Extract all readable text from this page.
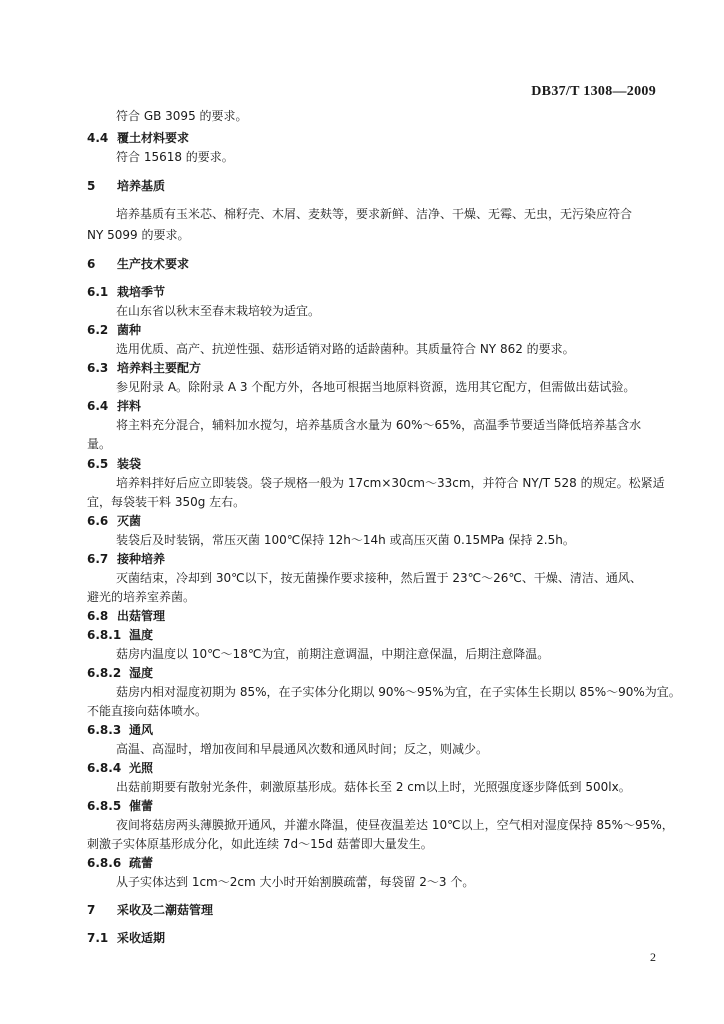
DB37/T 1308—2009
符合 GB 3095 的要求。
4.4 覆土材料要求
符合 15618 的要求。
5 培养基质
培养基质有玉米芯、棉籽壳、木屑、麦麸等，要求新鲜、洁净、干燥、无霉、无虫，无污染应符合
NY 5099 的要求。
6 生产技术要求
6.1 栽培季节
在山东省以秋末至春末栽培较为适宜。
6.2 菌种
选用优质、高产、抗逆性强、菇形适销对路的适龄菌种。其质量符合 NY 862 的要求。
6.3 培养料主要配方
参见附录 A。除附录 A 3 个配方外，各地可根据当地原料资源，选用其它配方，但需做出菇试验。
6.4 拌料
将主料充分混合，辅料加水搅匀，培养基质含水量为 60%～65%，高温季节要适当降低培养基含水
量。
6.5 装袋
培养料拌好后应立即装袋。袋子规格一般为 17cm×30cm～33cm，并符合 NY/T 528 的规定。松紧适
宜，每袋装干料 350g 左右。
6.6 灭菌
装袋后及时装锅，常压灭菌 100℃保持 12h～14h 或高压灭菌 0.15MPa 保持 2.5h。
6.7 接种培养
灭菌结束，冷却到 30℃以下，按无菌操作要求接种，然后置于 23℃～26℃、干燥、清洁、通风、
避光的培养室养菌。
6.8 出菇管理
6.8.1 温度
菇房内温度以 10℃～18℃为宜，前期注意调温，中期注意保温，后期注意降温。
6.8.2 湿度
菇房内相对湿度初期为 85%，在子实体分化期以 90%～95%为宜，在子实体生长期以 85%～90%为宜。
不能直接向菇体喷水。
6.8.3 通风
高温、高湿时，增加夜间和早晨通风次数和通风时间；反之，则减少。
6.8.4 光照
出菇前期要有散射光条件，刺激原基形成。菇体长至 2 cm以上时，光照强度逐步降低到 500lx。
6.8.5 催蕾
夜间将菇房两头薄膜掀开通风，并灌水降温，使昼夜温差达 10℃以上，空气相对湿度保持 85%～95%，
刺激子实体原基形成分化，如此连续 7d～15d 菇蕾即大量发生。
6.8.6 疏蕾
从子实体达到 1cm～2cm 大小时开始割膜疏蕾，每袋留 2～3 个。
7 采收及二潮菇管理
7.1 采收适期
2
